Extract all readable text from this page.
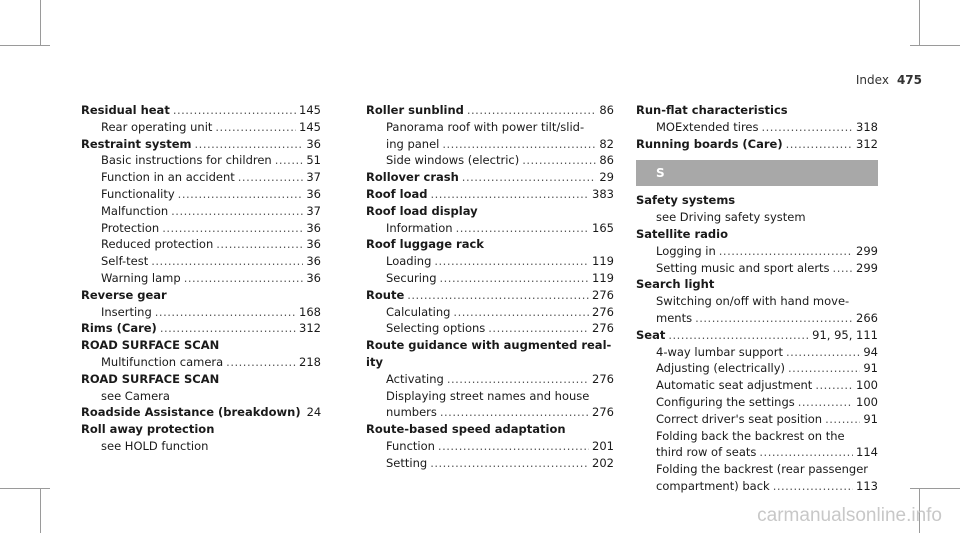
Index 475
Residual heat .....	145
Rear operating unit .....	145
Restraint system .....	36
Basic instructions for children .....	51
Function in an accident .....	37
Functionality .....	36
Malfunction .....	37
Protection .....	36
Reduced protection .....	36
Self-test .....	36
Warning lamp .....	36
Reverse gear
Inserting .....	168
Rims (Care) .....	312
ROAD SURFACE SCAN
Multifunction camera .....	218
ROAD SURFACE SCAN
see Camera
Roadside Assistance (breakdown) 24
Roll away protection
see HOLD function
Roller sunblind .....	86
Panorama roof with power tilt/slid-
ing panel .....	82
Side windows (electric) .....	86
Rollover crash .....	29
Roof load .....	383
Roof load display
Information .....	165
Roof luggage rack
Loading .....	119
Securing .....	119
Route .....	276
Calculating .....	276
Selecting options .....	276
Route guidance with augmented real-
ity
Activating .....	276
Displaying street names and house
numbers .....	276
Route-based speed adaptation
Function .....	201
Setting .....	202
Run-flat characteristics
MOExtended tires .....	318
Running boards (Care) .....	312
S
Safety systems
see Driving safety system
Satellite radio
Logging in .....	299
Setting music and sport alerts ..... 299
Search light
Switching on/off with hand move-
ments .....	266
Seat .....	91, 95, 111
4-way lumbar support .....	94
Adjusting (electrically) .....	91
Automatic seat adjustment .....	100
Configuring the settings .....	100
Correct driver's seat position .....	91
Folding back the backrest on the
third row of seats .....	114
Folding the backrest (rear passenger
compartment) back .....	113
carmanualsonline.info
